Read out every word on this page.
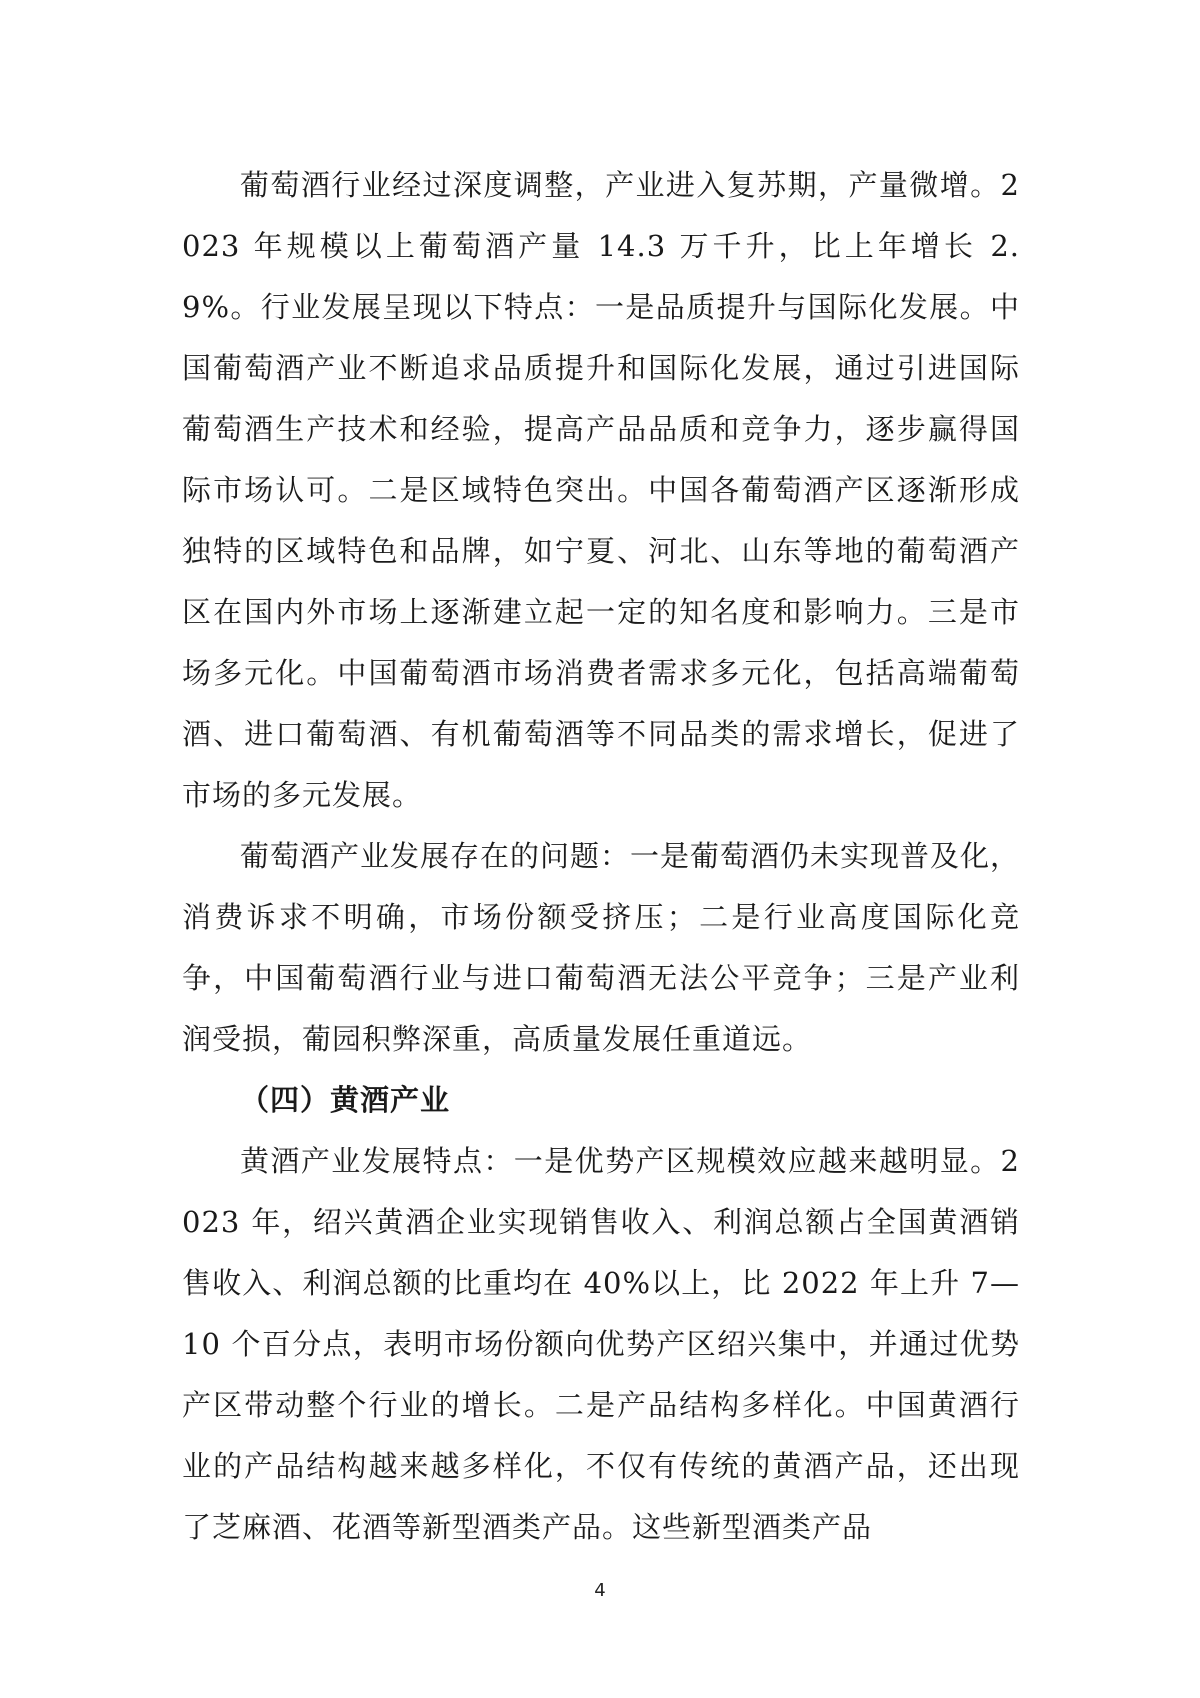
葡萄酒行业经过深度调整，产业进入复苏期，产量微增。2023 年规模以上葡萄酒产量 14.3 万千升，比上年增长 2.9%。行业发展呈现以下特点：一是品质提升与国际化发展。中国葡萄酒产业不断追求品质提升和国际化发展，通过引进国际葡萄酒生产技术和经验，提高产品品质和竞争力，逐步赢得国际市场认可。二是区域特色突出。中国各葡萄酒产区逐渐形成独特的区域特色和品牌，如宁夏、河北、山东等地的葡萄酒产区在国内外市场上逐渐建立起一定的知名度和影响力。三是市场多元化。中国葡萄酒市场消费者需求多元化，包括高端葡萄酒、进口葡萄酒、有机葡萄酒等不同品类的需求增长，促进了市场的多元发展。

葡萄酒产业发展存在的问题：一是葡萄酒仍未实现普及化，消费诉求不明确，市场份额受挤压；二是行业高度国际化竞争，中国葡萄酒行业与进口葡萄酒无法公平竞争；三是产业利润受损，葡园积弊深重，高质量发展任重道远。

（四）黄酒产业

黄酒产业发展特点：一是优势产区规模效应越来越明显。2023 年，绍兴黄酒企业实现销售收入、利润总额占全国黄酒销售收入、利润总额的比重均在 40%以上，比 2022 年上升 7—10 个百分点，表明市场份额向优势产区绍兴集中，并通过优势产区带动整个行业的增长。二是产品结构多样化。中国黄酒行业的产品结构越来越多样化，不仅有传统的黄酒产品，还出现了芝麻酒、花酒等新型酒类产品。这些新型酒类产品

4
